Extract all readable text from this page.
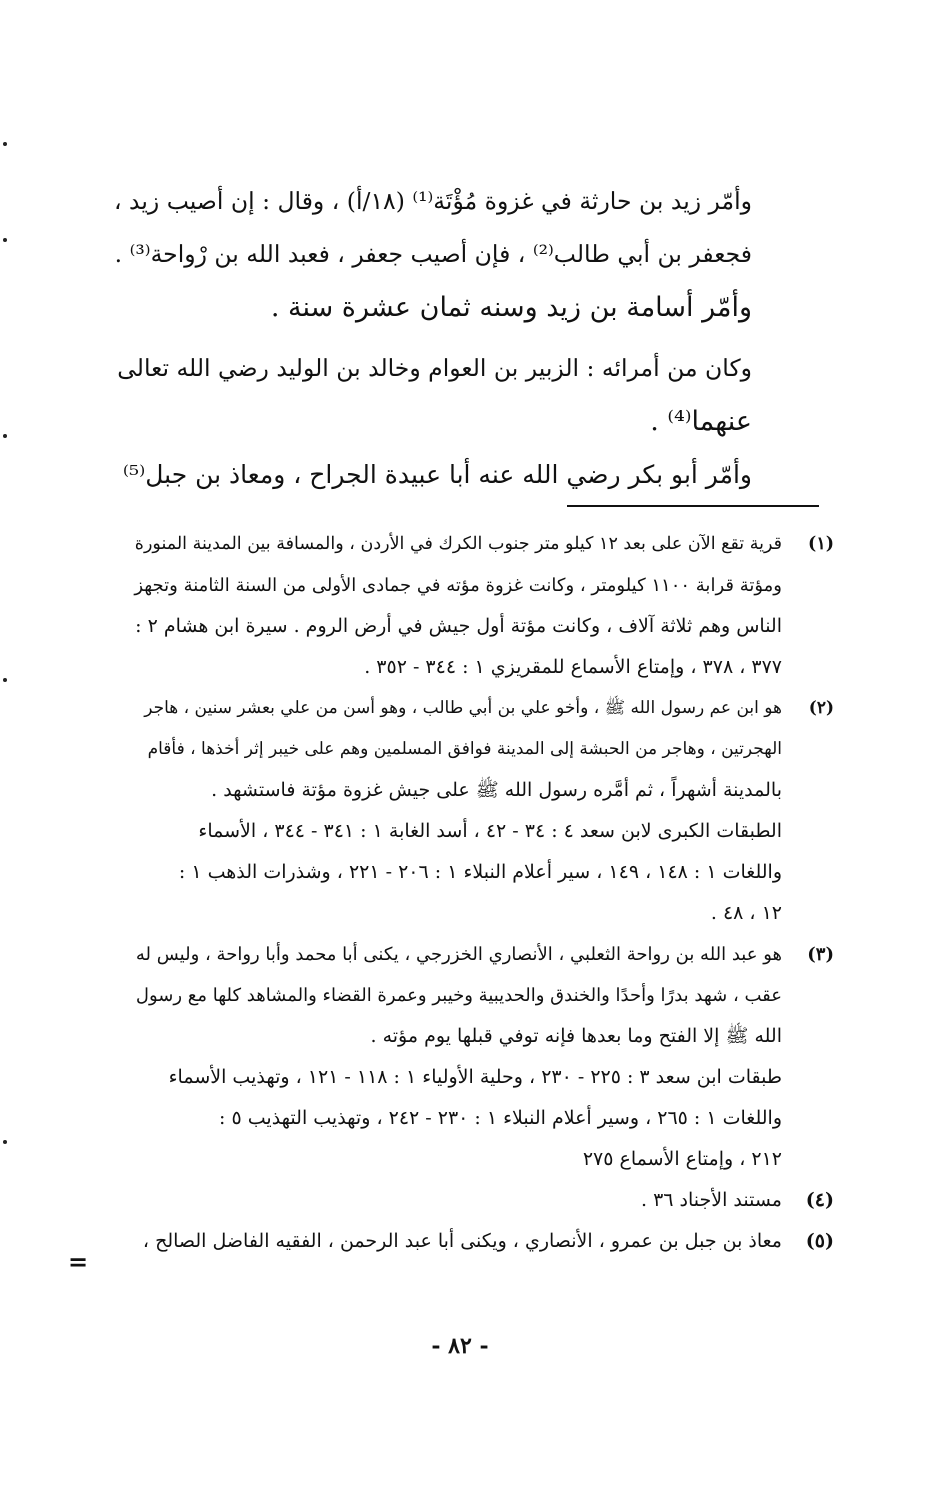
وأمّر زيد بن حارثة في غزوة مُؤْتَة⁽¹⁾ (١٨/أ) ، وقال : إن أصيب زيد ،
فجعفر بن أبي طالب⁽²⁾ ، فإن أصيب جعفر ، فعبد الله بن رْواحة⁽³⁾ .
وأمّر أسامة بن زيد وسنه ثمان عشرة سنة .
وكان من أمرائه : الزبير بن العوام وخالد بن الوليد رضي الله تعالى
عنهما⁽⁴⁾ .
وأمّر أبو بكر رضي الله عنه أبا عبيدة الجراح ، ومعاذ بن جبل⁽⁵⁾
(١)قرية تقع الآن على بعد ١٢ كيلو متر جنوب الكرك في الأردن ، والمسافة بين المدينة المنورة
ومؤتة قرابة ١١٠٠ كيلومتر ، وكانت غزوة مؤته في جمادى الأولى من السنة الثامنة وتجهز
الناس وهم ثلاثة آلاف ، وكانت مؤتة أول جيش في أرض الروم . سيرة ابن هشام ٢ :
٣٧٧ ، ٣٧٨ ، وإمتاع الأسماع للمقريزي ١ : ٣٤٤ - ٣٥٢ .
(٢)هو ابن عم رسول الله ﷺ ، وأخو علي بن أبي طالب ، وهو أسن من علي بعشر سنين ، هاجر
الهجرتين ، وهاجر من الحبشة إلى المدينة فوافق المسلمين وهم على خيبر إثر أخذها ، فأقام
بالمدينة أشهراً ، ثم أمَّره رسول الله ﷺ على جيش غزوة مؤتة فاستشهد .
الطبقات الكبرى لابن سعد ٤ : ٣٤ - ٤٢ ، أسد الغابة ١ : ٣٤١ - ٣٤٤ ، الأسماء
واللغات ١ : ١٤٨ ، ١٤٩ ، سير أعلام النبلاء ١ : ٢٠٦ - ٢٢١ ، وشذرات الذهب ١ :
١٢ ، ٤٨ .
(٣)هو عبد الله بن رواحة الثعلبي ، الأنصاري الخزرجي ، يكنى أبا محمد وأبا رواحة ، وليس له
عقب ، شهد بدرًا وأحدًا والخندق والحديبية وخيبر وعمرة القضاء والمشاهد كلها مع رسول
الله ﷺ إلا الفتح وما بعدها فإنه توفي قبلها يوم مؤته .
طبقات ابن سعد ٣ : ٢٢٥ - ٢٣٠ ، وحلية الأولياء ١ : ١١٨ - ١٢١ ، وتهذيب الأسماء
واللغات ١ : ٢٦٥ ، وسير أعلام النبلاء ١ : ٢٣٠ - ٢٤٢ ، وتهذيب التهذيب ٥ :
٢١٢ ، وإمتاع الأسماع ٢٧٥
(٤)مستند الأجناد ٣٦ .
(٥)معاذ بن جبل بن عمرو ، الأنصاري ، ويكنى أبا عبد الرحمن ، الفقيه الفاضل الصالح ،
=
- ٨٢ -
